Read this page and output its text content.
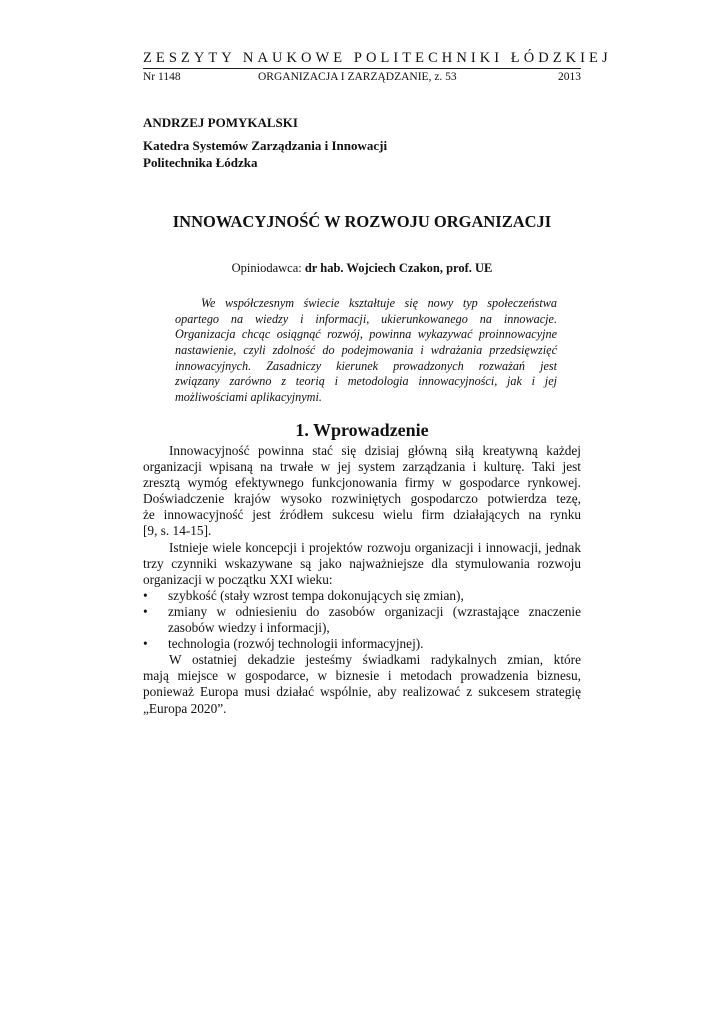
ZESZYTY NAUKOWE POLITECHNIKI ŁÓDZKIEJ
Nr 1148	ORGANIZACJA I ZARZĄDZANIE, z. 53	2013
ANDRZEJ POMYKALSKI
Katedra Systemów Zarządzania i Innowacji
Politechnika Łódzka
INNOWACYJNOŚĆ W ROZWOJU ORGANIZACJI
Opiniodawca: dr hab. Wojciech Czakon, prof. UE
We współczesnym świecie kształtuje się nowy typ społeczeństwa
opartego na wiedzy i informacji, ukierunkowanego na innowacje.
Organizacja chcąc osiągnąć rozwój, powinna wykazywać proinnowacyjne
nastawienie, czyli zdolność do podejmowania i wdrażania przedsięwzięć
innowacyjnych. Zasadniczy kierunek prowadzonych rozważań jest
związany zarówno z teorią i metodologia innowacyjności, jak i jej
możliwościami aplikacyjnymi.
1. Wprowadzenie
Innowacyjność powinna stać się dzisiaj główną siłą kreatywną każdej
organizacji wpisaną na trwałe w jej system zarządzania i kulturę. Taki jest
zresztą wymóg efektywnego funkcjonowania firmy w gospodarce rynkowej.
Doświadczenie krajów wysoko rozwiniętych gospodarczo potwierdza tezę,
że innowacyjność jest źródłem sukcesu wielu firm działających na rynku
[9, s. 14-15].
Istnieje wiele koncepcji i projektów rozwoju organizacji i innowacji, jednak
trzy czynniki wskazywane są jako najważniejsze dla stymulowania rozwoju
organizacji w początku XXI wieku:
•	szybkość (stały wzrost tempa dokonujących się zmian),
•	zmiany w odniesieniu do zasobów organizacji (wzrastające znaczenie
zasobów wiedzy i informacji),
•	technologia (rozwój technologii informacyjnej).
W ostatniej dekadzie jesteśmy świadkami radykalnych zmian, które
mają miejsce w gospodarce, w biznesie i metodach prowadzenia biznesu,
ponieważ Europa musi działać wspólnie, aby realizować z sukcesem strategię
„Europa 2020”.
